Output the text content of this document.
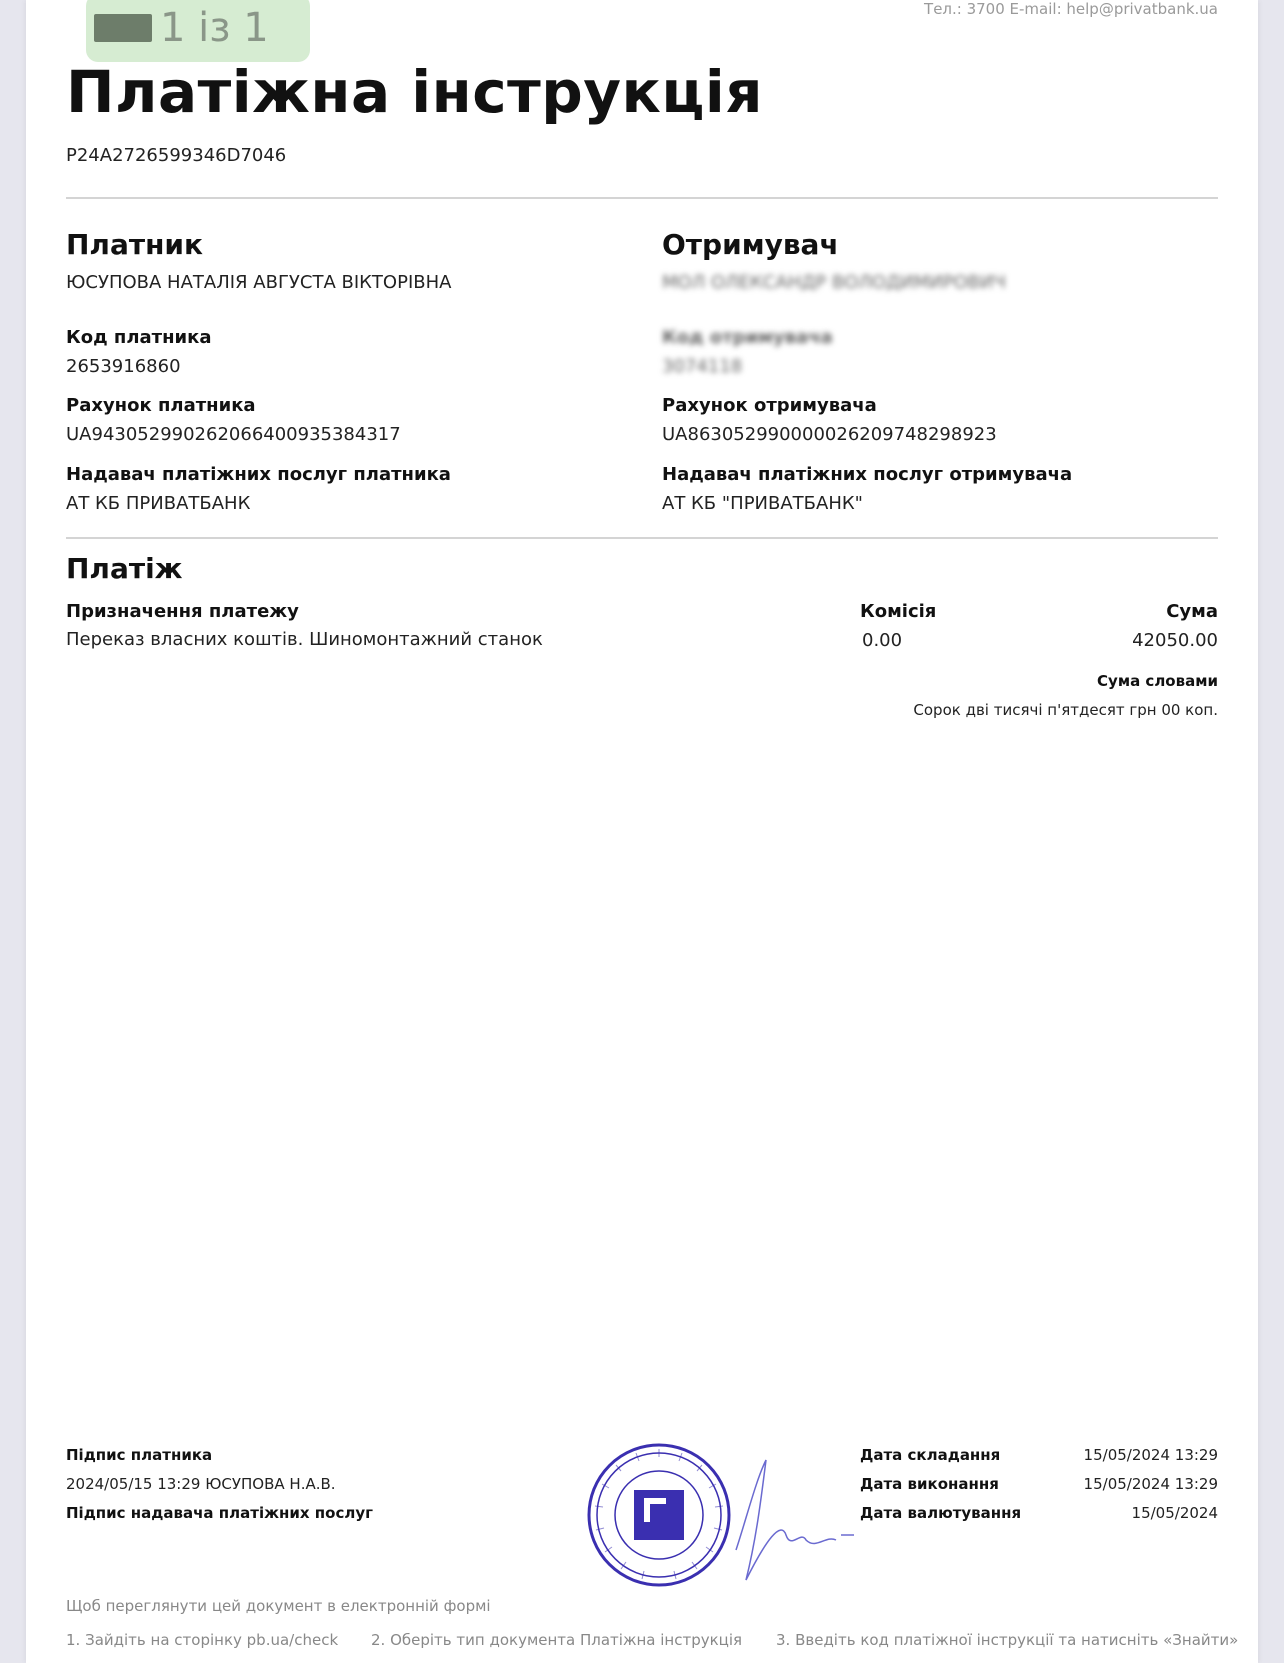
1 із 1	Тел.: 3700 E-mail: help@privatbank.ua
Платіжна інструкція
P24A2726599346D7046
Платник
ЮСУПОВА НАТАЛІЯ АВГУСТА ВІКТОРІВНА
Код платника
2653916860
Рахунок платника
UA943052990262066400935384317
Надавач платіжних послуг платника
АТ КБ ПРИВАТБАНК
Отримувач
МОЛ ОЛЕКСАНДР ВОЛОДИМИРОВИЧ
Код отримувача
3074118
Рахунок отримувача
UA863052990000026209748298923
Надавач платіжних послуг отримувача
АТ КБ "ПРИВАТБАНК"
Платіж
Призначення платежу
Переказ власних коштів. Шиномонтажний станок
Комісія
0.00
Сума
42050.00
Сума словами
Сорок дві тисячі п'ятдесят грн 00 коп.
Підпис платника
2024/05/15 13:29 ЮСУПОВА Н.А.В.
Підпис надавача платіжних послуг
Дата складання	15/05/2024 13:29
Дата виконання	15/05/2024 13:29
Дата валютування	15/05/2024
Щоб переглянути цей документ в електронній формі
1. Зайдіть на сторінку pb.ua/check 2. Оберіть тип документа Платіжна інструкція 3. Введіть код платіжної інструкції та натисніть «Знайти»
